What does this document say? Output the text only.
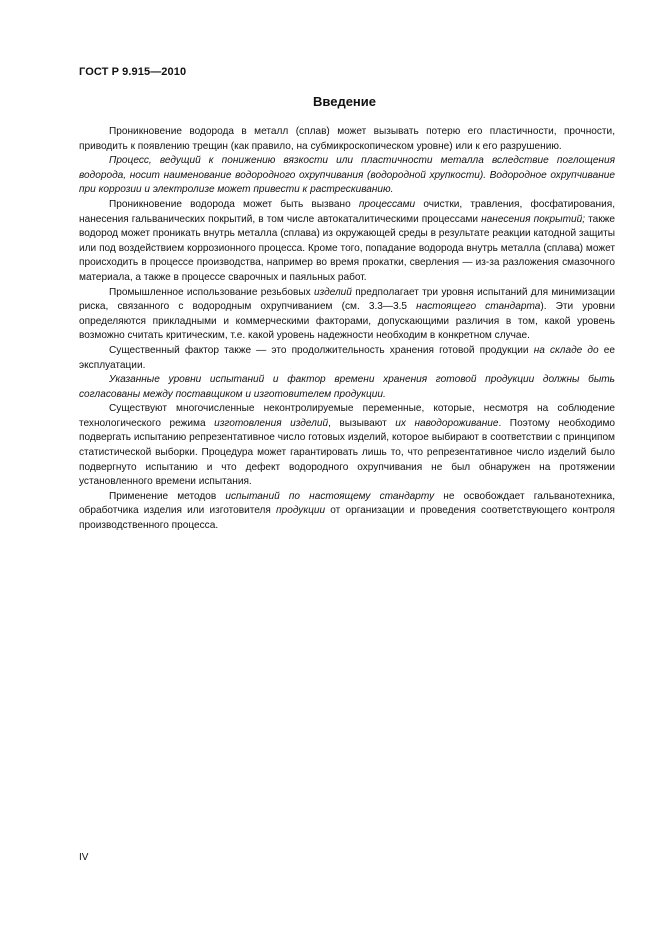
ГОСТ Р 9.915—2010
Введение

Проникновение водорода в металл (сплав) может вызывать потерю его пластичности, прочности, приводить к появлению трещин (как правило, на субмикроскопическом уровне) или к его разрушению.

Процесс, ведущий к понижению вязкости или пластичности металла вследствие поглощения водорода, носит наименование водородного охрупчивания (водородной хрупкости). Водородное охрупчивание при коррозии и электролизе может привести к растрескиванию.

Проникновение водорода может быть вызвано процессами очистки, травления, фосфатирования, нанесения гальванических покрытий, в том числе автокаталитическими процессами нанесения покрытий; также водород может проникать внутрь металла (сплава) из окружающей среды в результате реакции катодной защиты или под воздействием коррозионного процесса. Кроме того, попадание водорода внутрь металла (сплава) может происходить в процессе производства, например во время прокатки, сверления — из-за разложения смазочного материала, а также в процессе сварочных и паяльных работ.

Промышленное использование резьбовых изделий предполагает три уровня испытаний для минимизации риска, связанного с водородным охрупчиванием (см. 3.3—3.5 настоящего стандарта). Эти уровни определяются прикладными и коммерческими факторами, допускающими различия в том, какой уровень возможно считать критическим, т.е. какой уровень надежности необходим в конкретном случае.

Существенный фактор также — это продолжительность хранения готовой продукции на складе до ее эксплуатации.

Указанные уровни испытаний и фактор времени хранения готовой продукции должны быть согласованы между поставщиком и изготовителем продукции.

Существуют многочисленные неконтролируемые переменные, которые, несмотря на соблюдение технологического режима изготовления изделий, вызывают их наводороживание. Поэтому необходимо подвергать испытанию репрезентативное число готовых изделий, которое выбирают в соответствии с принципом статистической выборки. Процедура может гарантировать лишь то, что репрезентативное число изделий было подвергнуто испытанию и что дефект водородного охрупчивания не был обнаружен на протяжении установленного времени испытания.

Применение методов испытаний по настоящему стандарту не освобождает гальванотехника, обработчика изделия или изготовителя продукции от организации и проведения соответствующего контроля производственного процесса.

IV
